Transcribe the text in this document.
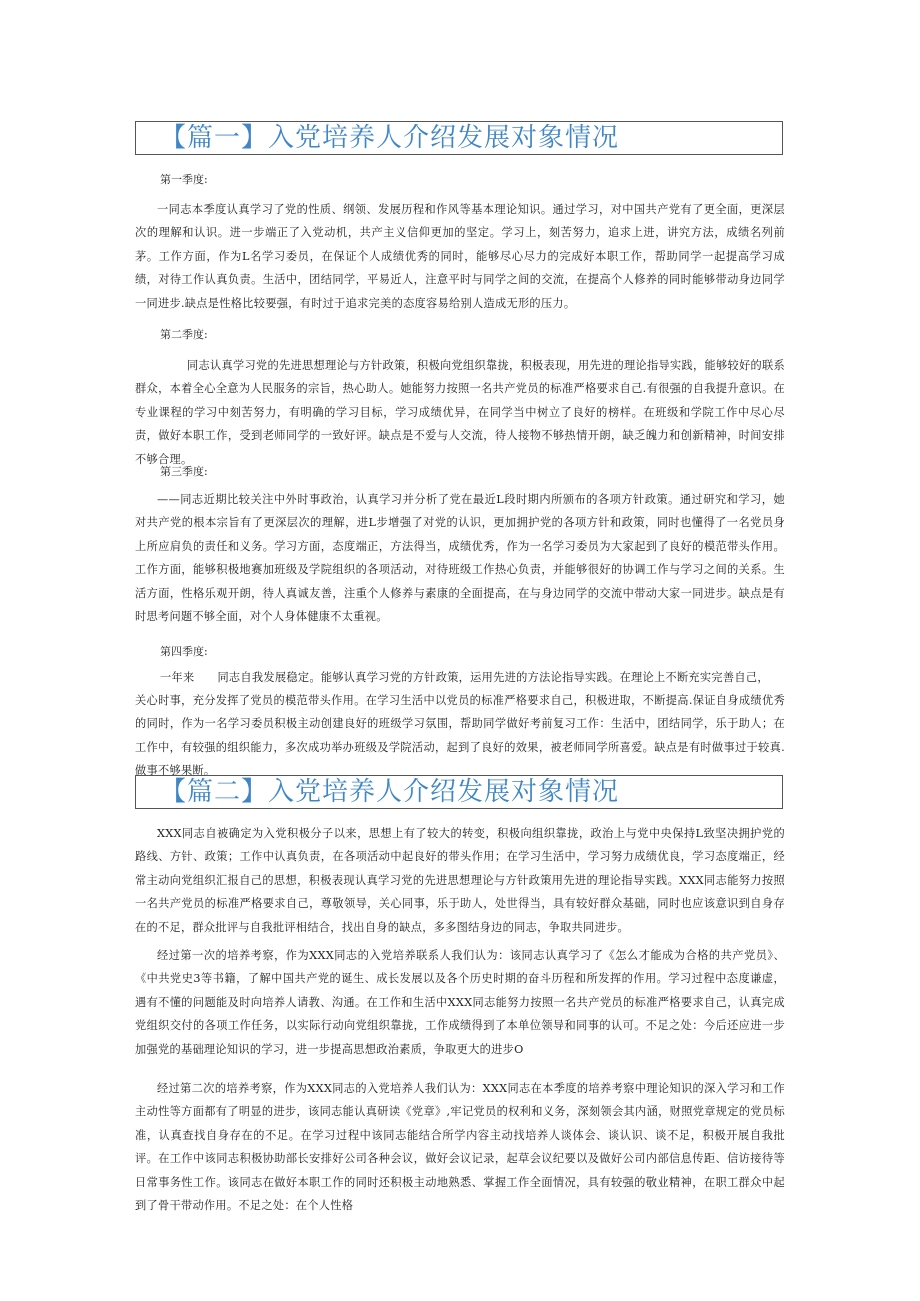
【篇一】入党培养人介绍发展对象情况
第一季度:
一同志本季度认真学习了党的性质、纲领、发展历程和作风等基本理论知识。通过学习，对中国共产党有了更全面，更深层次的理解和认识。进一步端正了入党动机，共产主义信仰更加的坚定。学习上，刻苦努力，追求上进，讲究方法，成绩名列前茅。工作方面，作为L名学习委员，在保证个人成绩优秀的同时，能够尽心尽力的完成好本职工作，帮助同学一起提高学习成绩，对待工作认真负责。生活中，团结同学，平易近人，注意平时与同学之间的交流，在提高个人修养的同时能够带动身边同学一同进步.缺点是性格比较要强，有时过于追求完美的态度容易给别人造成无形的压力。
第二季度:
同志认真学习党的先进思想理论与方针政策，积极向党组织靠拢，积极表现，用先进的理论指导实践，能够较好的联系群众，本着全心全意为人民服务的宗旨，热心助人。她能努力按照一名共产党员的标准严格要求自己.有很强的自我提升意识。在专业课程的学习中刻苦努力，有明确的学习目标，学习成绩优异，在同学当中树立了良好的榜样。在班级和学院工作中尽心尽责，做好本职工作，受到老师同学的一致好评。缺点是不爱与人交流，待人接物不够热情开朗，缺乏魄力和创新精神，时间安排不够合理。
第三季度:
——同志近期比较关注中外时事政治，认真学习并分析了党在最近L段时期内所颁布的各项方针政策。通过研究和学习，她对共产党的根本宗旨有了更深层次的理解，进L步增强了对党的认识，更加拥护党的各项方针和政策，同时也懂得了一名党员身上所应肩负的责任和义务。学习方面，态度端正，方法得当，成绩优秀，作为一名学习委员为大家起到了良好的模范带头作用。工作方面，能够积极地赛加班级及学院组织的各项活动，对待班级工作热心负责，并能够很好的协调工作与学习之间的关系。生活方面，性格乐观开朗，待人真诚友善，注重个人修养与素康的全面提高，在与身边同学的交流中带动大家一同进步。缺点是有时思考问题不够全面，对个人身体健康不太重视。
第四季度:
一年来　　同志自我发展稳定。能够认真学习党的方针政策，运用先进的方法论指导实践。在理论上不断充实完善自己，
关心时事，充分发挥了党员的模范带头作用。在学习生活中以党员的标准严格要求自己，积极进取，不断提高.保证自身成绩优秀的同时，作为一名学习委员积极主动创建良好的班级学习氛围，帮助同学做好考前复习工作：生活中，团结同学，乐于助人；在工作中，有较强的组织能力，多次成功举办班级及学院活动，起到了良好的效果，被老师同学所喜爱。缺点是有时做事过于较真.做事不够果断。
【篇二】入党培养人介绍发展对象情况
XXX同志自被确定为入党积极分子以来，思想上有了较大的转变，积极向组织靠拢，政治上与党中央保持L致坚决拥护党的路线、方针、政策；工作中认真负责，在各项活动中起良好的带头作用；在学习生活中，学习努力成绩优良，学习态度端正，经常主动向党组织汇报自己的思想，积极表现认真学习党的先进思想理论与方针政策用先进的理论指导实践。XXX同志能努力按照一名共产党员的标准严格要求自己，尊敬领导，关心同事，乐于助人，处世得当，具有较好群众基础，同时也应该意识到自身存在的不足，群众批评与自我批评相结合，找出自身的缺点，多多图结身边的同志，争取共同进步。
经过第一次的培养考察，作为XXX同志的入党培养联系人我们认为：该同志认真学习了《怎么才能成为合格的共产党员》、《中共党史3等书籍，了解中国共产党的诞生、成长发展以及各个历史时期的奋斗历程和所发挥的作用。学习过程中态度谦虚，遇有不懂的问题能及时向培养人请教、沟通。在工作和生活中XXX同志能努力按照一名共产党员的标准严格要求自己，认真完成党组织交付的各项工作任务，以实际行动向党组织靠拢，工作成绩得到了本单位领导和同事的认可。不足之处：今后还应进一步加强党的基础理论知识的学习，进一步提高思想政治素质，争取更大的进步O
经过第二次的培养考察，作为XXX同志的入党培养人我们认为：XXX同志在本季度的培养考察中理论知识的深入学习和工作主动性等方面都有了明显的进步，该同志能认真研读《党章》,牢记党员的权利和义务，深刻领会其内涵，财照党章规定的党员标准，认真查找自身存在的不足。在学习过程中该同志能结合所学内容主动找培养人谈体会、谈认识、谈不足，积极开展自我批评。在工作中该同志积极协助部长安排好公司各种会议，做好会议记录，起草会议纪要以及做好公司内部信息传距、信访接待等日常事务性工作。该同志在做好本职工作的同时还积极主动地熟悉、掌握工作全面情况，具有较强的敬业精神，在职工群众中起到了骨干带动作用。不足之处：在个人性格
